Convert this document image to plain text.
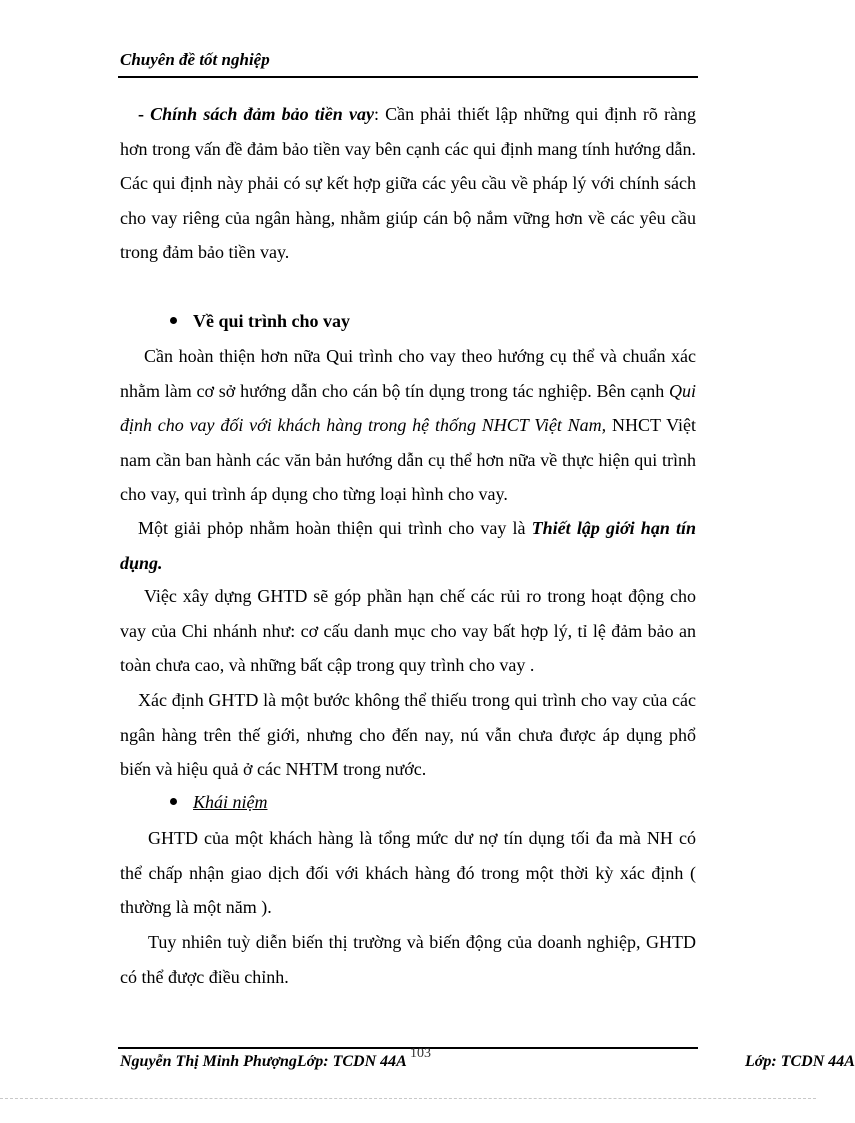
Chuyên đề tốt nghiệp
- Chính sách đảm bảo tiền vay: Cần phải thiết lập những qui định rõ ràng hơn trong vấn đề đảm bảo tiền vay bên cạnh các qui định mang tính hướng dẫn. Các qui định này phải có sự kết hợp giữa các yêu cầu về pháp lý với chính sách cho vay riêng của ngân hàng, nhằm giúp cán bộ nắm vững hơn về các yêu cầu trong đảm bảo tiền vay.
Về qui trình cho vay
Cần hoàn thiện hơn nữa Qui trình cho vay theo hướng cụ thể và chuẩn xác nhằm làm cơ sở hướng dẫn cho cán bộ tín dụng trong tác nghiệp. Bên cạnh Qui định cho vay đối với khách hàng trong hệ thống NHCT Việt Nam, NHCT Việt nam cần ban hành các văn bản hướng dẫn cụ thể hơn nữa về thực hiện qui trình cho vay, qui trình áp dụng cho từng loại hình cho vay.
Một giải phỏp nhằm hoàn thiện qui trình cho vay là Thiết lập giới hạn tín dụng.
Việc xây dựng GHTD sẽ góp phần hạn chế các rủi ro trong hoạt động cho vay của Chi nhánh như: cơ cấu danh mục cho vay bất hợp lý, tỉ lệ đảm bảo an toàn chưa cao, và những bất cập trong quy trình cho vay .
Xác định GHTD là một bước không thể thiếu trong qui trình cho vay của các ngân hàng trên thế giới, nhưng cho đến nay, nú vẫn chưa được áp dụng phổ biến và hiệu quả ở các NHTM trong nước.
Khái niệm
GHTD của một khách hàng là tổng mức dư nợ tín dụng tối đa mà NH có thể chấp nhận giao dịch đối với khách hàng đó trong một thời kỳ xác định ( thường là một năm ).
Tuy nhiên tuỳ diễn biến thị trường và biến động của doanh nghiệp, GHTD có thể được điều chỉnh.
Nguyễn Thị Minh PhượngLớp: TCDN 44A 103	Lớp: TCDN 44A
